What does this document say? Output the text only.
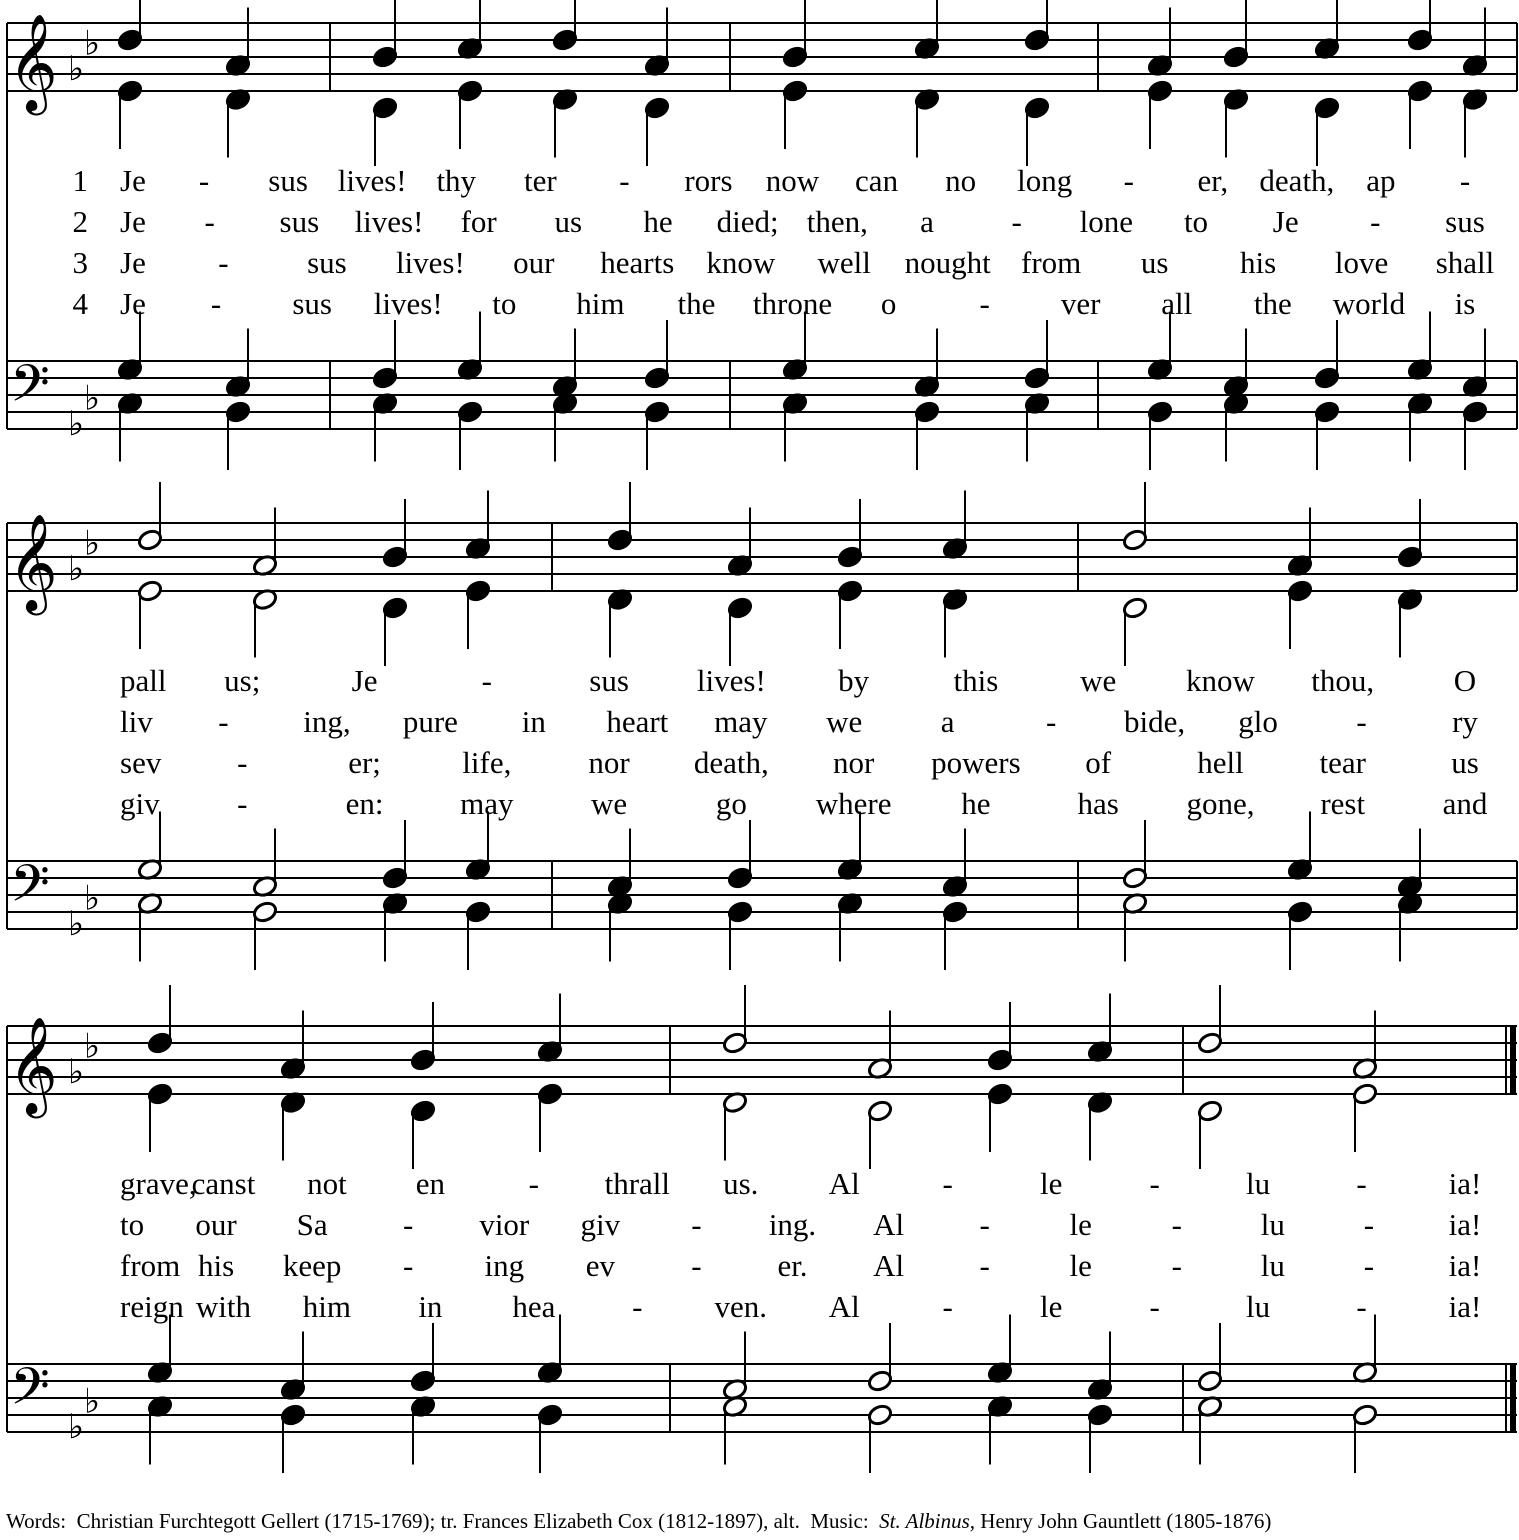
𝄞
𝄢
♭
♭
♭
♭
𝄞
𝄢
♭
♭
♭
♭
𝄞
𝄢
♭
♭
♭
♭
1 Je - sus lives! thy ter - rors now can no long - er, death, ap -
2 Je - sus lives! for us he died; then, a	- lone to Je - sus
3 Je -	sus lives! our hearts know well nought from us his love shall
4 Je - sus lives! to him the throne o	- ver all the world is
pall us;	Je	-	sus lives! by	this	we know thou,	O
liv - ing, pure in heart may we	a	- bide, glo	-	ry
sev -	er;	life, nor death, nor powers of	hell tear	us
giv -	en: may	we	go where he	has gone, rest	and
grave,
canst not en	- thrall us. Al	-	le	-	lu	-	ia!
to our Sa - vior giv - ing. Al -	le	-	lu	- ia!
from his keep - ing ev - er. Al -	le	-	lu	- ia!
reign with him in hea - ven. Al	-	le	-	lu	-	ia!
Words: Christian Furchtegott Gellert (1715-1769); tr. Frances Elizabeth Cox (1812-1897), alt. Music: St. Albinus, Henry John Gauntlett (1805-1876)
